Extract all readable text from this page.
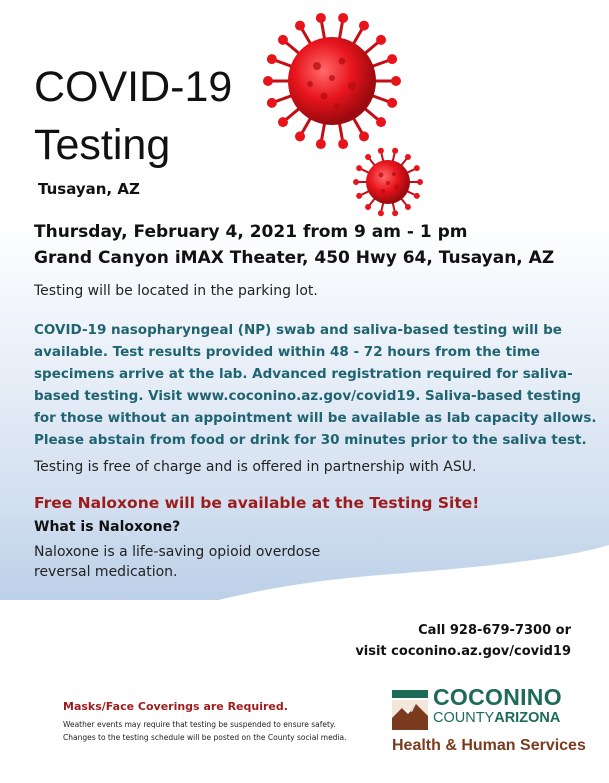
COVID-19
Testing
Tusayan, AZ
Thursday, February 4, 2021 from 9 am - 1 pm
Grand Canyon iMAX Theater, 450 Hwy 64, Tusayan, AZ
Testing will be located in the parking lot.
COVID-19 nasopharyngeal (NP) swab and saliva-based testing will be
available. Test results provided within 48 - 72 hours from the time
specimens arrive at the lab. Advanced registration required for saliva-
based testing. Visit www.coconino.az.gov/covid19. Saliva-based testing
for those without an appointment will be available as lab capacity allows.
Please abstain from food or drink for 30 minutes prior to the saliva test.
Testing is free of charge and is offered in partnership with ASU.
Free Naloxone will be available at the Testing Site!
What is Naloxone?
Naloxone is a life-saving opioid overdose
reversal medication.
Call 928-679-7300 or
visit coconino.az.gov/covid19
Masks/Face Coverings are Required.
Weather events may require that testing be suspended to ensure safety. Changes to the testing schedule will be posted on the County social media.
COCONINO
COUNTYARIZONA
Health & Human Services
